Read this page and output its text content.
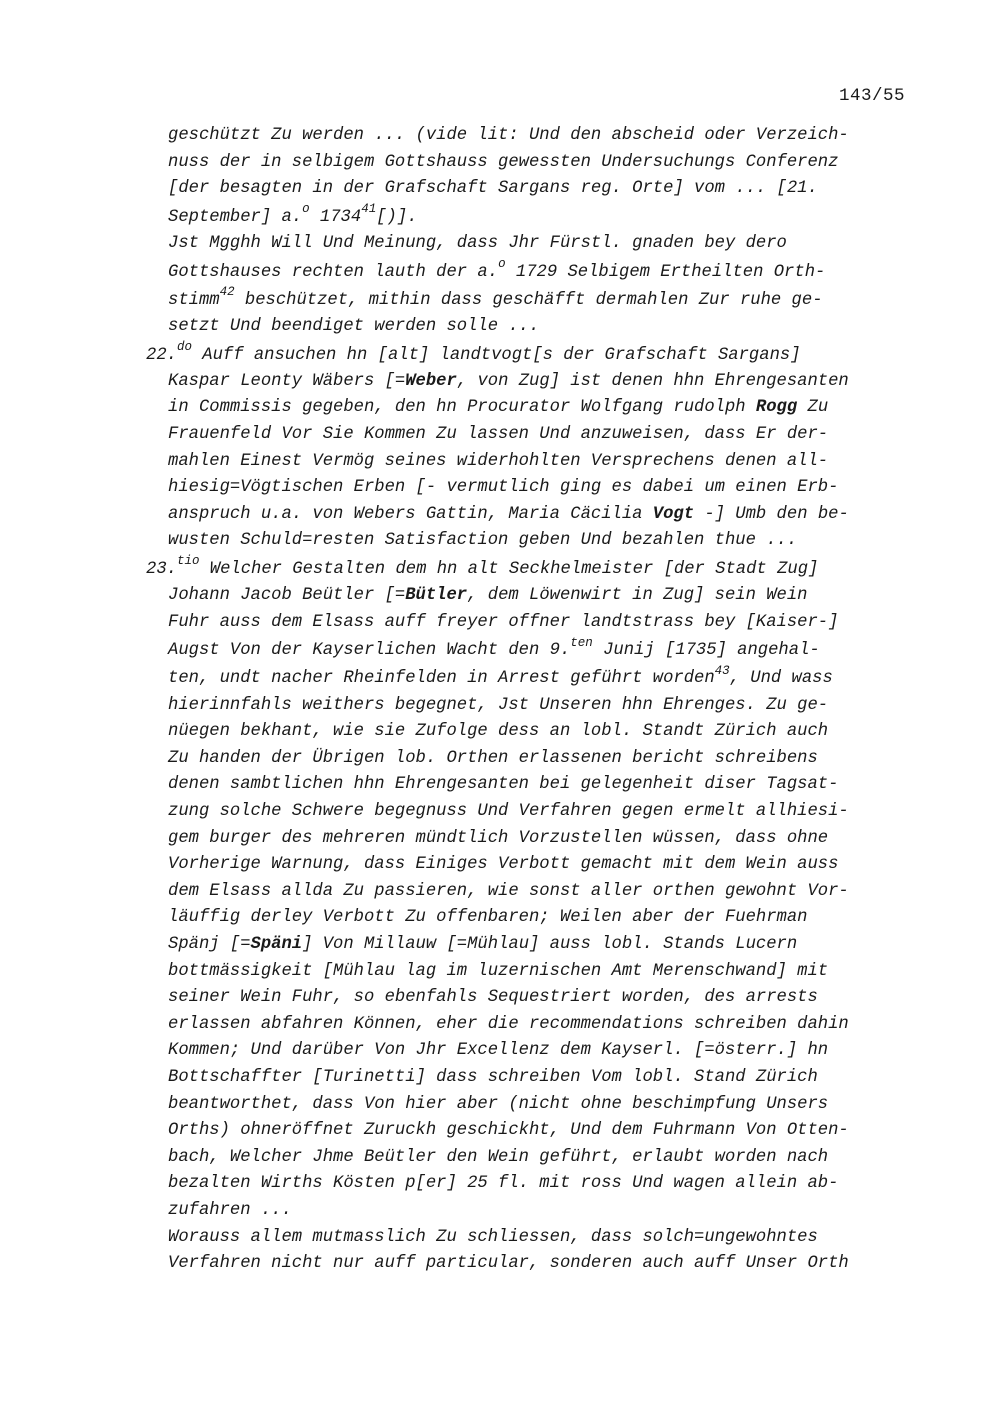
143/55
geschützt Zu werden ... (vide lit: Und den abscheid oder Verzeich-
nuss der in selbigem Gottshauss gewessten Undersuchungs Conferenz
[der besagten in der Grafschaft Sargans reg. Orte] vom ... [21.
September] a.$^o$ 1734$^{41}$[)].
Jst Mgghh Will Und Meinung, dass Jhr Fürstl. gnaden bey dero
Gottshauses rechten lauth der a.$^o$ 1729 Selbigem Ertheilten Orth-
stimm$^{42}$ beschützet, mithin dass geschäfft dermahlen Zur ruhe ge-
setzt Und beendiget werden solle ...
22.$^{do}$ Auff ansuchen hn [alt] landtvogt[s der Grafschaft Sargans]
Kaspar Leonty Wäbers [=Weber, von Zug] ist denen hhn Ehrengesanten
in Commissis gegeben, den hn Procurator Wolfgang rudolph Rogg Zu
Frauenfeld Vor Sie Kommen Zu lassen Und anzuweisen, dass Er der-
mahlen Einest Vermög seines widerhohlten Versprechens denen all-
hiesig=Vögtischen Erben [- vermutlich ging es dabei um einen Erb-
anspruch u.a. von Webers Gattin, Maria Cäcilia Vogt -] Umb den be-
wusten Schuld=resten Satisfaction geben Und bezahlen thue ...
23.$^{tio}$ Welcher Gestalten dem hn alt Seckhelmeister [der Stadt Zug]
Johann Jacob Beütler [=Bütler, dem Löwenwirt in Zug] sein Wein
Fuhr auss dem Elsass auff freyer offner landtstrass bey [Kaiser-]
Augst Von der Kayserlichen Wacht den 9.$^{ten}$ Junij [1735] angehal-
ten, undt nacher Rheinfelden in Arrest geführt worden$^{43}$, Und wass
hierinnfahls weithers begegnet, Jst Unseren hhn Ehrenges. Zu ge-
nüegen bekhant, wie sie Zufolge dess an lobl. Standt Zürich auch
Zu handen der Übrigen lob. Orthen erlassenen bericht schreibens
denen sambtlichen hhn Ehrengesanten bei gelegenheit diser Tagsat-
zung solche Schwere begegnuss Und Verfahren gegen ermelt allhiesi-
gem burger des mehreren mündtlich Vorzustellen wüssen, dass ohne
Vorherige Warnung, dass Einiges Verbott gemacht mit dem Wein auss
dem Elsass allda Zu passieren, wie sonst aller orthen gewohnt Vor-
läuffig derley Verbott Zu offenbaren; Weilen aber der Fuehrman
Spänj [=Späni] Von Millauw [=Mühlau] auss lobl. Stands Lucern
bottmässigkeit [Mühlau lag im luzernischen Amt Merenschwand] mit
seiner Wein Fuhr, so ebenfahls Sequestriert worden, des arrests
erlassen abfahren Können, eher die recommendations schreiben dahin
Kommen; Und darüber Von Jhr Excellenz dem Kayserl. [=österr.] hn
Bottschaffter [Turinetti] dass schreiben Vom lobl. Stand Zürich
beantworthet, dass Von hier aber (nicht ohne beschimpfung Unsers
Orths) ohneröffnet Zuruckh geschickht, Und dem Fuhrmann Von Otten-
bach, Welcher Jhme Beütler den Wein geführt, erlaubt worden nach
bezalten Wirths Kösten p[er] 25 fl. mit ross Und wagen allein ab-
zufahren ...
Worauss allem mutmasslich Zu schliessen, dass solch=ungewohntes
Verfahren nicht nur auff particular, sonderen auch auff Unser Orth
